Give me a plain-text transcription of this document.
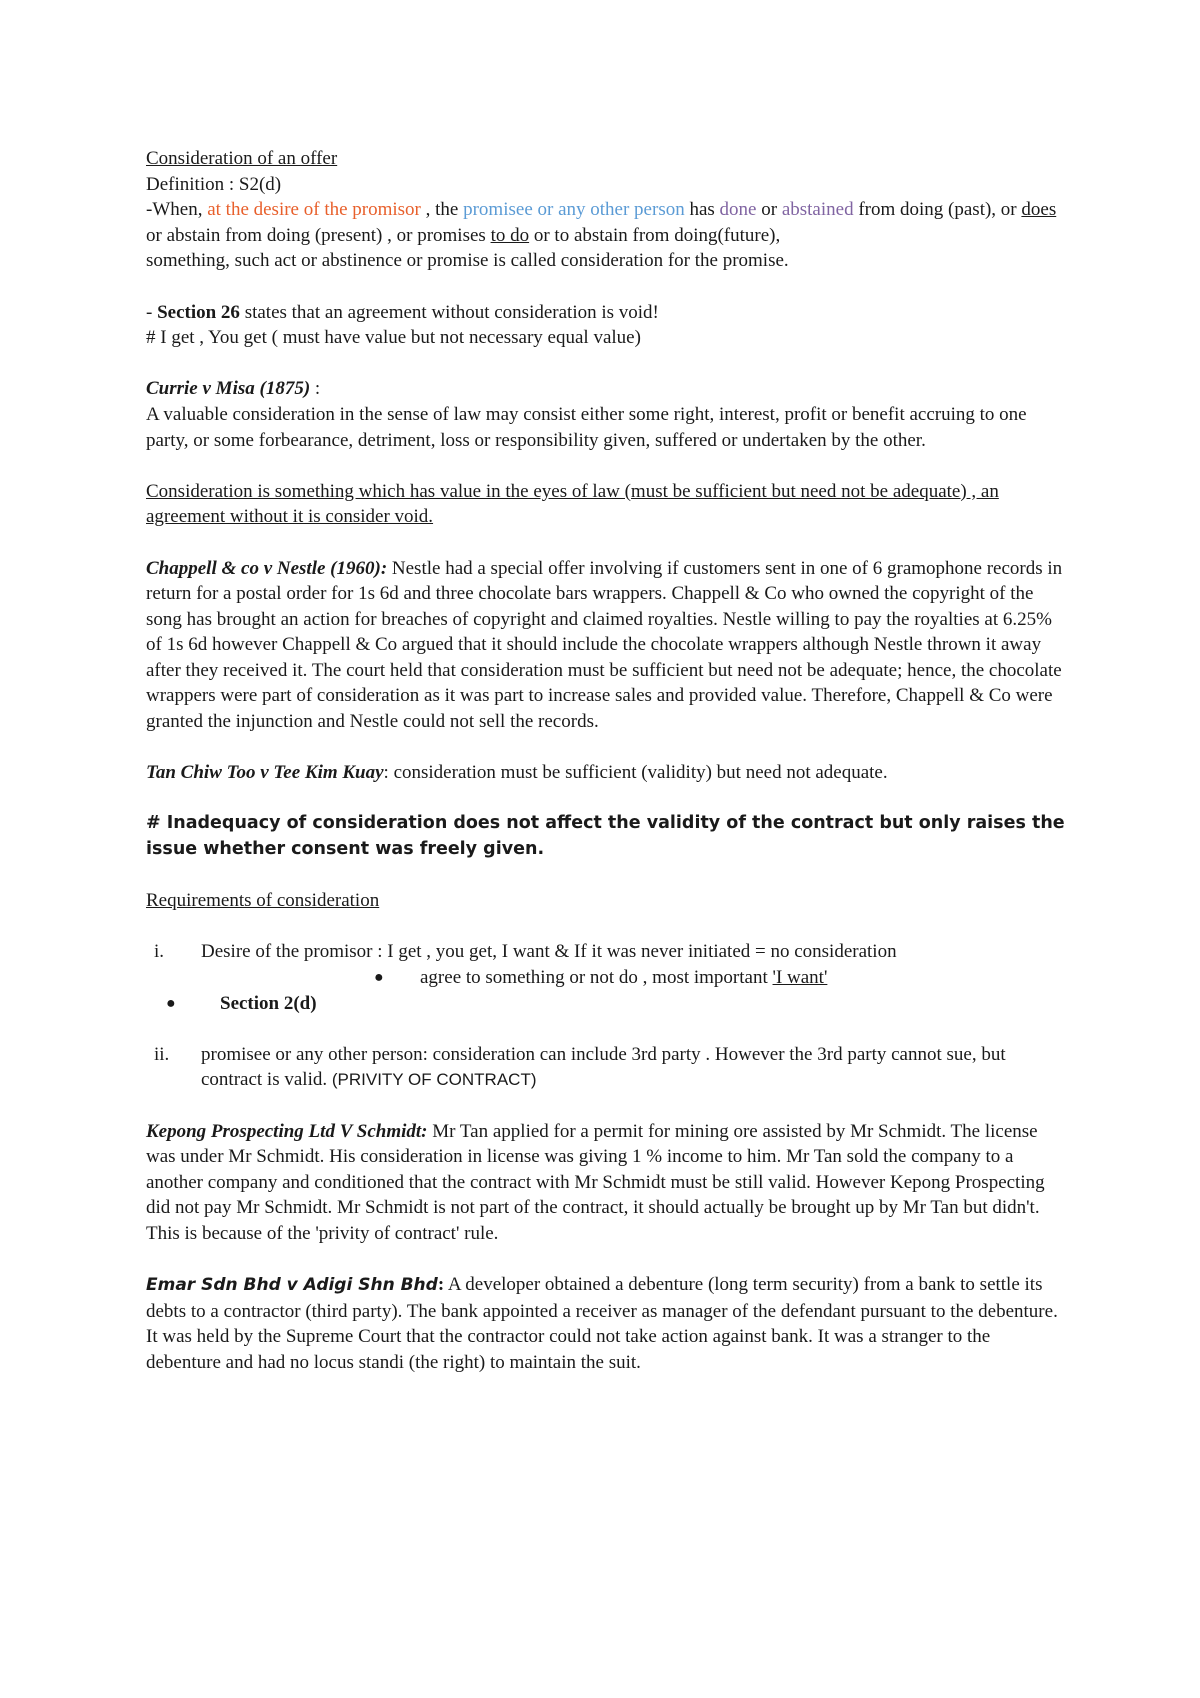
Consideration of an offer

Definition : S2(d)

-When, at the desire of the promisor , the promisee or any other person has done or abstained from doing (past), or does or abstain from doing (present) , or promises to do or to abstain from doing(future),

something, such act or abstinence or promise is called consideration for the promise.

- Section 26 states that an agreement without consideration is void!

# I get , You get ( must have value but not necessary equal value)

Currie v Misa (1875) :

A valuable consideration in the sense of law may consist either some right, interest, profit or benefit accruing to one party, or some forbearance, detriment, loss or responsibility given, suffered or undertaken by the other.

Consideration is something which has value in the eyes of law (must be sufficient but need not be adequate) , an agreement without it is consider void.

Chappell & co v Nestle (1960): Nestle had a special offer involving if customers sent in one of 6 gramophone records in return for a postal order for 1s 6d and three chocolate bars wrappers. Chappell & Co who owned the copyright of the song has brought an action for breaches of copyright and claimed royalties. Nestle willing to pay the royalties at 6.25% of 1s 6d however Chappell & Co argued that it should include the chocolate wrappers although Nestle thrown it away after they received it. The court held that consideration must be sufficient but need not be adequate; hence, the chocolate wrappers were part of consideration as it was part to increase sales and provided value. Therefore, Chappell & Co were granted the injunction and Nestle could not sell the records.

Tan Chiw Too v Tee Kim Kuay: consideration must be sufficient (validity) but need not adequate.

# Inadequacy of consideration does not affect the validity of the contract but only raises the issue whether consent was freely given.

Requirements of consideration

i. Desire of the promisor : I get , you get, I want & If it was never initiated = no consideration
● agree to something or not do , most important 'I want'
● Section 2(d)
ii. promisee or any other person: consideration can include 3rd party . However the 3rd party cannot sue, but contract is valid. (PRIVITY OF CONTRACT)

Kepong Prospecting Ltd V Schmidt: Mr Tan applied for a permit for mining ore assisted by Mr Schmidt. The license was under Mr Schmidt. His consideration in license was giving 1 % income to him. Mr Tan sold the company to a another company and conditioned that the contract with Mr Schmidt must be still valid. However Kepong Prospecting did not pay Mr Schmidt. Mr Schmidt is not part of the contract, it should actually be brought up by Mr Tan but didn't. This is because of the 'privity of contract' rule.

Emar Sdn Bhd v Adigi Shn Bhd: A developer obtained a debenture (long term security) from a bank to settle its debts to a contractor (third party). The bank appointed a receiver as manager of the defendant pursuant to the debenture. It was held by the Supreme Court that the contractor could not take action against bank. It was a stranger to the debenture and had no locus standi (the right) to maintain the suit.
